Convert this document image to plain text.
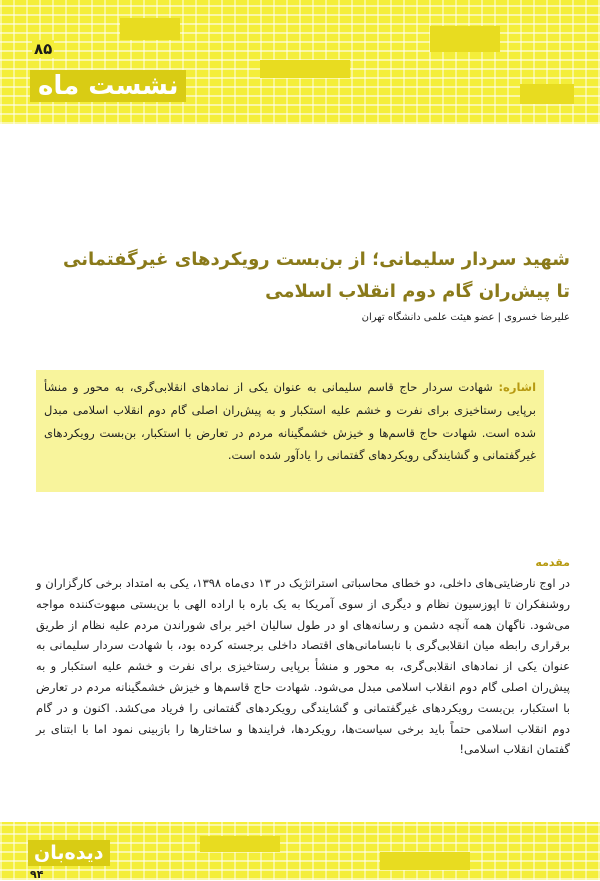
۸۵
نشست ماه
شهید سردار سلیمانی؛ از بن‌بست رویکردهای غیرگفتمانی
تا پیش‌ران گام دوم انقلاب اسلامی
علیرضا خسروی | عضو هیئت علمی دانشگاه تهران
اشاره: شهادت سردار حاج قاسم سلیمانی به عنوان یکی از نمادهای انقلابی‌گری، به محور و منشأ برپایی رستاخیزی برای نفرت و خشم علیه استکبار و به پیش‌ران اصلی گام دوم انقلاب اسلامی مبدل شده است. شهادت حاج قاسم‌ها و خیزش خشمگینانه مردم در تعارض با استکبار، بن‌بست رویکردهای غیرگفتمانی و گشایندگی رویکردهای گفتمانی را یادآور شده است.
مقدمه

در اوج نارضایتی‌های داخلی، دو خطای محاسباتی استراتژیک در ۱۳ دی‌ماه ۱۳۹۸، یکی به امتداد برخی کارگزاران و روشنفکران تا اپوزسیون نظام و دیگری از سوی آمریکا به یک باره با اراده الهی با بن‌بستی مبهوت‌کننده مواجه می‌شود. ناگهان همه آنچه دشمن و رسانه‌های او در طول سالیان اخیر برای شوراندن مردم علیه نظام از طریق برقراری رابطه میان انقلابی‌گری با نابسامانی‌های اقتصاد داخلی برجسته کرده بود، با شهادت سردار سلیمانی به عنوان یکی از نمادهای انقلابی‌گری، به محور و منشأ برپایی رستاخیزی برای نفرت و خشم علیه استکبار و به پیش‌ران اصلی گام دوم انقلاب اسلامی مبدل می‌شود. شهادت حاج قاسم‌ها و خیزش خشمگینانه مردم در تعارض با استکبار، بن‌بست رویکردهای غیرگفتمانی و گشایندگی رویکردهای گفتمانی را فریاد می‌کشد. اکنون و در گام دوم انقلاب اسلامی حتماً باید برخی سیاست‌ها، رویکردها، فرایندها و ساختارها را بازبینی نمود اما با ابتنای بر گفتمان انقلاب اسلامی!

دیده‌بان
۹۴
